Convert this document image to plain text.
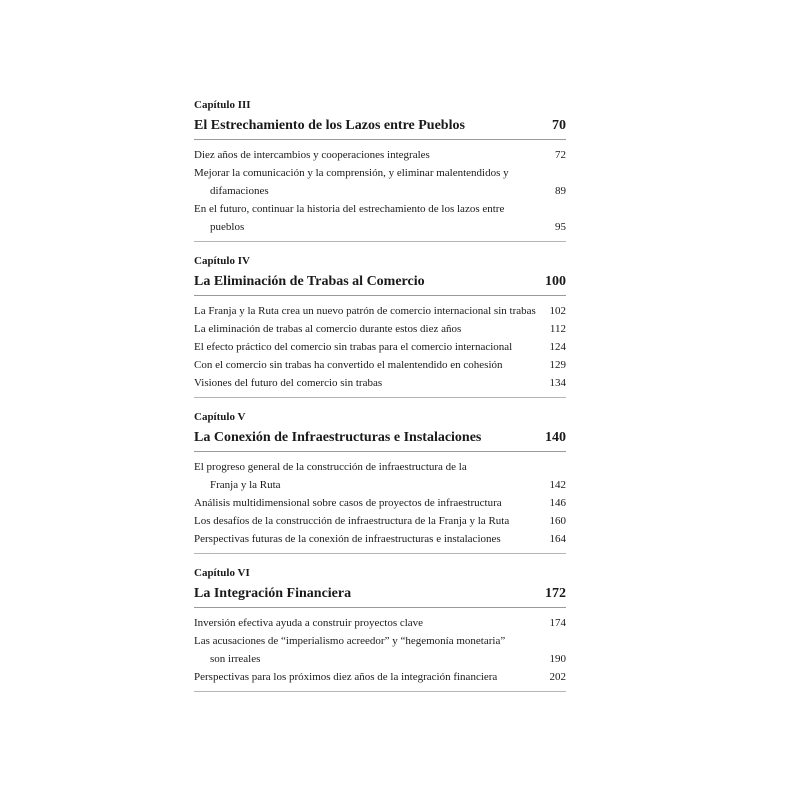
Capítulo III
El Estrechamiento de los Lazos entre Pueblos	70
Diez años de intercambios y cooperaciones integrales	72
Mejorar la comunicación y la comprensión, y eliminar malentendidos y
difamaciones	89
En el futuro, continuar la historia del estrechamiento de los lazos entre
pueblos	95
Capítulo IV
La Eliminación de Trabas al Comercio	100
La Franja y la Ruta crea un nuevo patrón de comercio internacional sin trabas	102
La eliminación de trabas al comercio durante estos diez años	112
El efecto práctico del comercio sin trabas para el comercio internacional	124
Con el comercio sin trabas ha convertido el malentendido en cohesión	129
Visiones del futuro del comercio sin trabas	134
Capítulo V
La Conexión de Infraestructuras e Instalaciones	140
El progreso general de la construcción de infraestructura de la
Franja y la Ruta	142
Análisis multidimensional sobre casos de proyectos de infraestructura	146
Los desafíos de la construcción de infraestructura de la Franja y la Ruta	160
Perspectivas futuras de la conexión de infraestructuras e instalaciones	164
Capítulo VI
La Integración Financiera	172
Inversión efectiva ayuda a construir proyectos clave	174
Las acusaciones de “imperialismo acreedor” y “hegemonía monetaria”
son irreales	190
Perspectivas para los próximos diez años de la integración financiera	202
